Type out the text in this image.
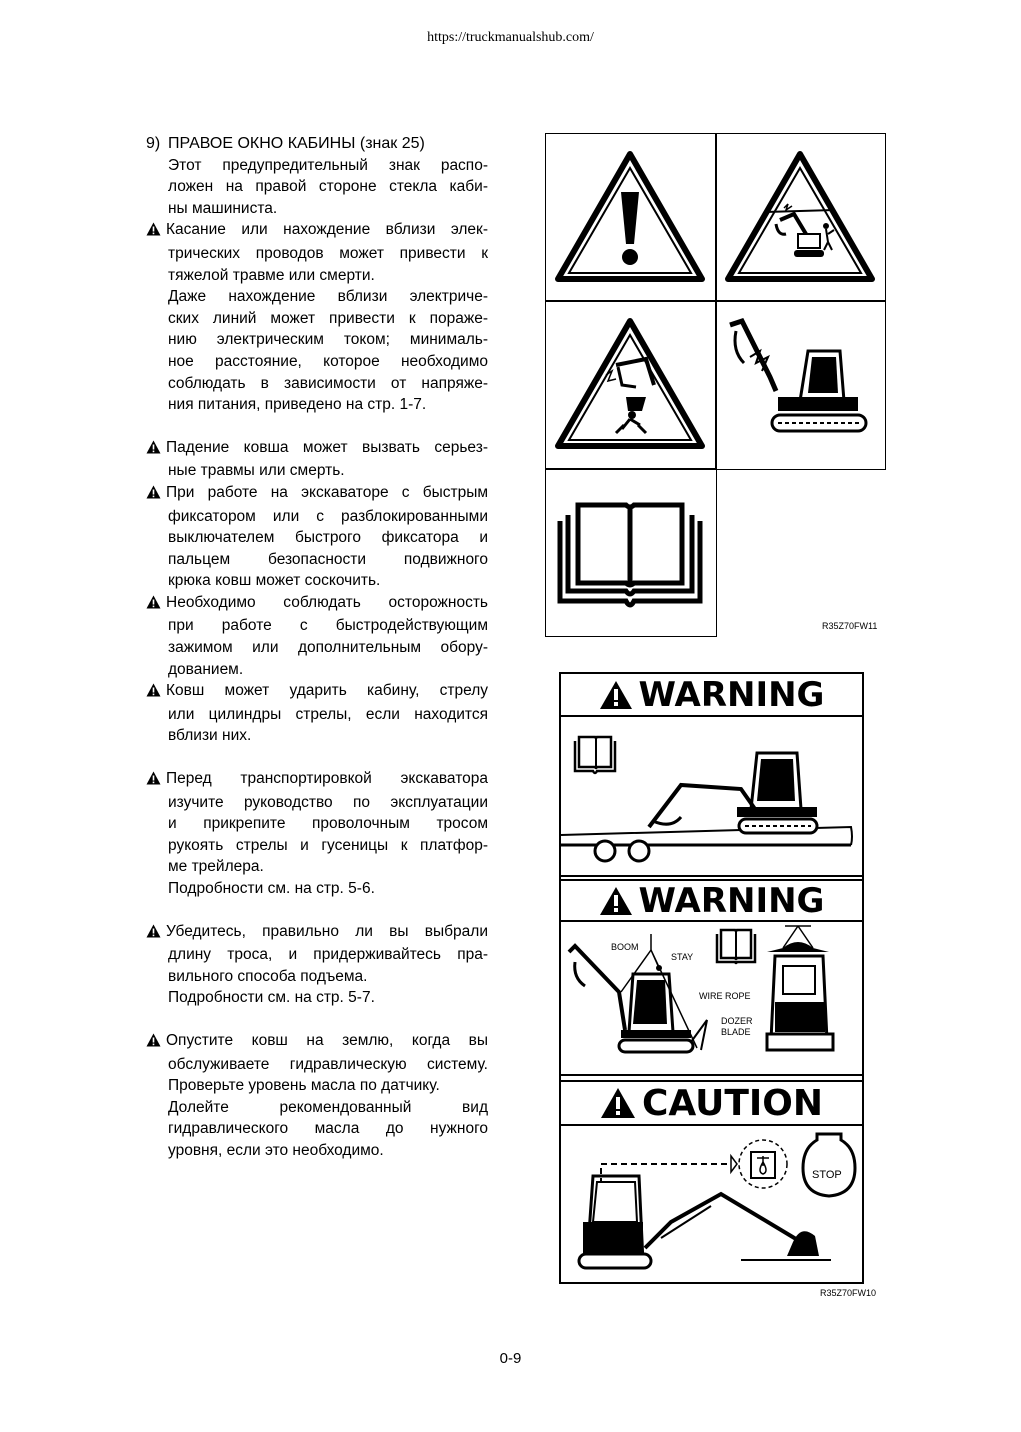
https://truckmanualshub.com/
9) ПРАВОЕ ОКНО КАБИНЫ (знак 25)
Этот предупредительный знак распо-
ложен на правой стороне стекла каби-
ны машиниста.
Касание или нахождение вблизи элек-
трических проводов может привести к
тяжелой травме или смерти.
Даже нахождение вблизи электриче-
ских линий может привести к пораже-
нию электрическим током; минималь-
ное расстояние, которое необходимо
соблюдать в зависимости от напряже-
ния питания, приведено на стр. 1-7.
Падение ковша может вызвать серьез-
ные травмы или смерть.
При работе на экскаваторе с быстрым
фиксатором или с разблокированными
выключателем быстрого фиксатора и
пальцем безопасности подвижного
крюка ковш может соскочить.
Необходимо соблюдать осторожность
при работе с быстродействующим
зажимом или дополнительным обору-
дованием.
Ковш может ударить кабину, стрелу
или цилиндры стрелы, если находится
вблизи них.
Перед транспортировкой экскаватора
изучите руководство по эксплуатации
и прикрепите проволочным тросом
рукоять стрелы и гусеницы к платфор-
ме трейлера.
Подробности см. на стр. 5-6.
Убедитесь, правильно ли вы выбрали
длину троса, и придерживайтесь пра-
вильного способа подъема.
Подробности см. на стр. 5-7.
Опустите ковш на землю, когда вы
обслуживаете гидравлическую систему.
Проверьте уровень масла по датчику.
Долейте рекомендованный вид
гидравлического масла до нужного
уровня, если это необходимо.
R35Z70FW11
WARNING
WARNING
BOOM
STAY
WIRE ROPE
DOZER
BLADE
CAUTION
STOP
R35Z70FW10
0-9
